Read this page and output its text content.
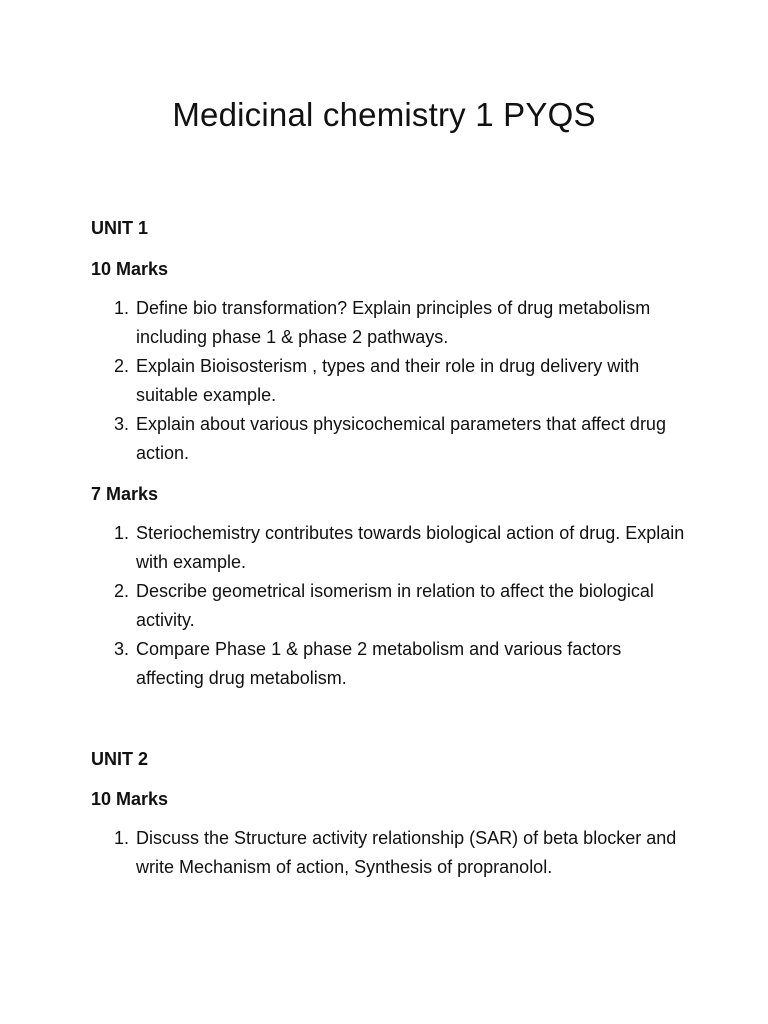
Medicinal chemistry 1 PYQS
UNIT 1
10 Marks
1. Define bio transformation? Explain principles of drug metabolism including phase 1 & phase 2 pathways.
2. Explain Bioisosterism , types and their role in drug delivery with suitable example.
3. Explain about various physicochemical parameters that affect drug action.
7 Marks
1. Steriochemistry contributes towards biological action of drug. Explain with example.
2. Describe geometrical isomerism in relation to affect the biological activity.
3. Compare Phase 1 & phase 2 metabolism and various factors affecting drug metabolism.
UNIT 2
10 Marks
1. Discuss the Structure activity relationship (SAR) of beta blocker and write Mechanism of action, Synthesis of propranolol.
